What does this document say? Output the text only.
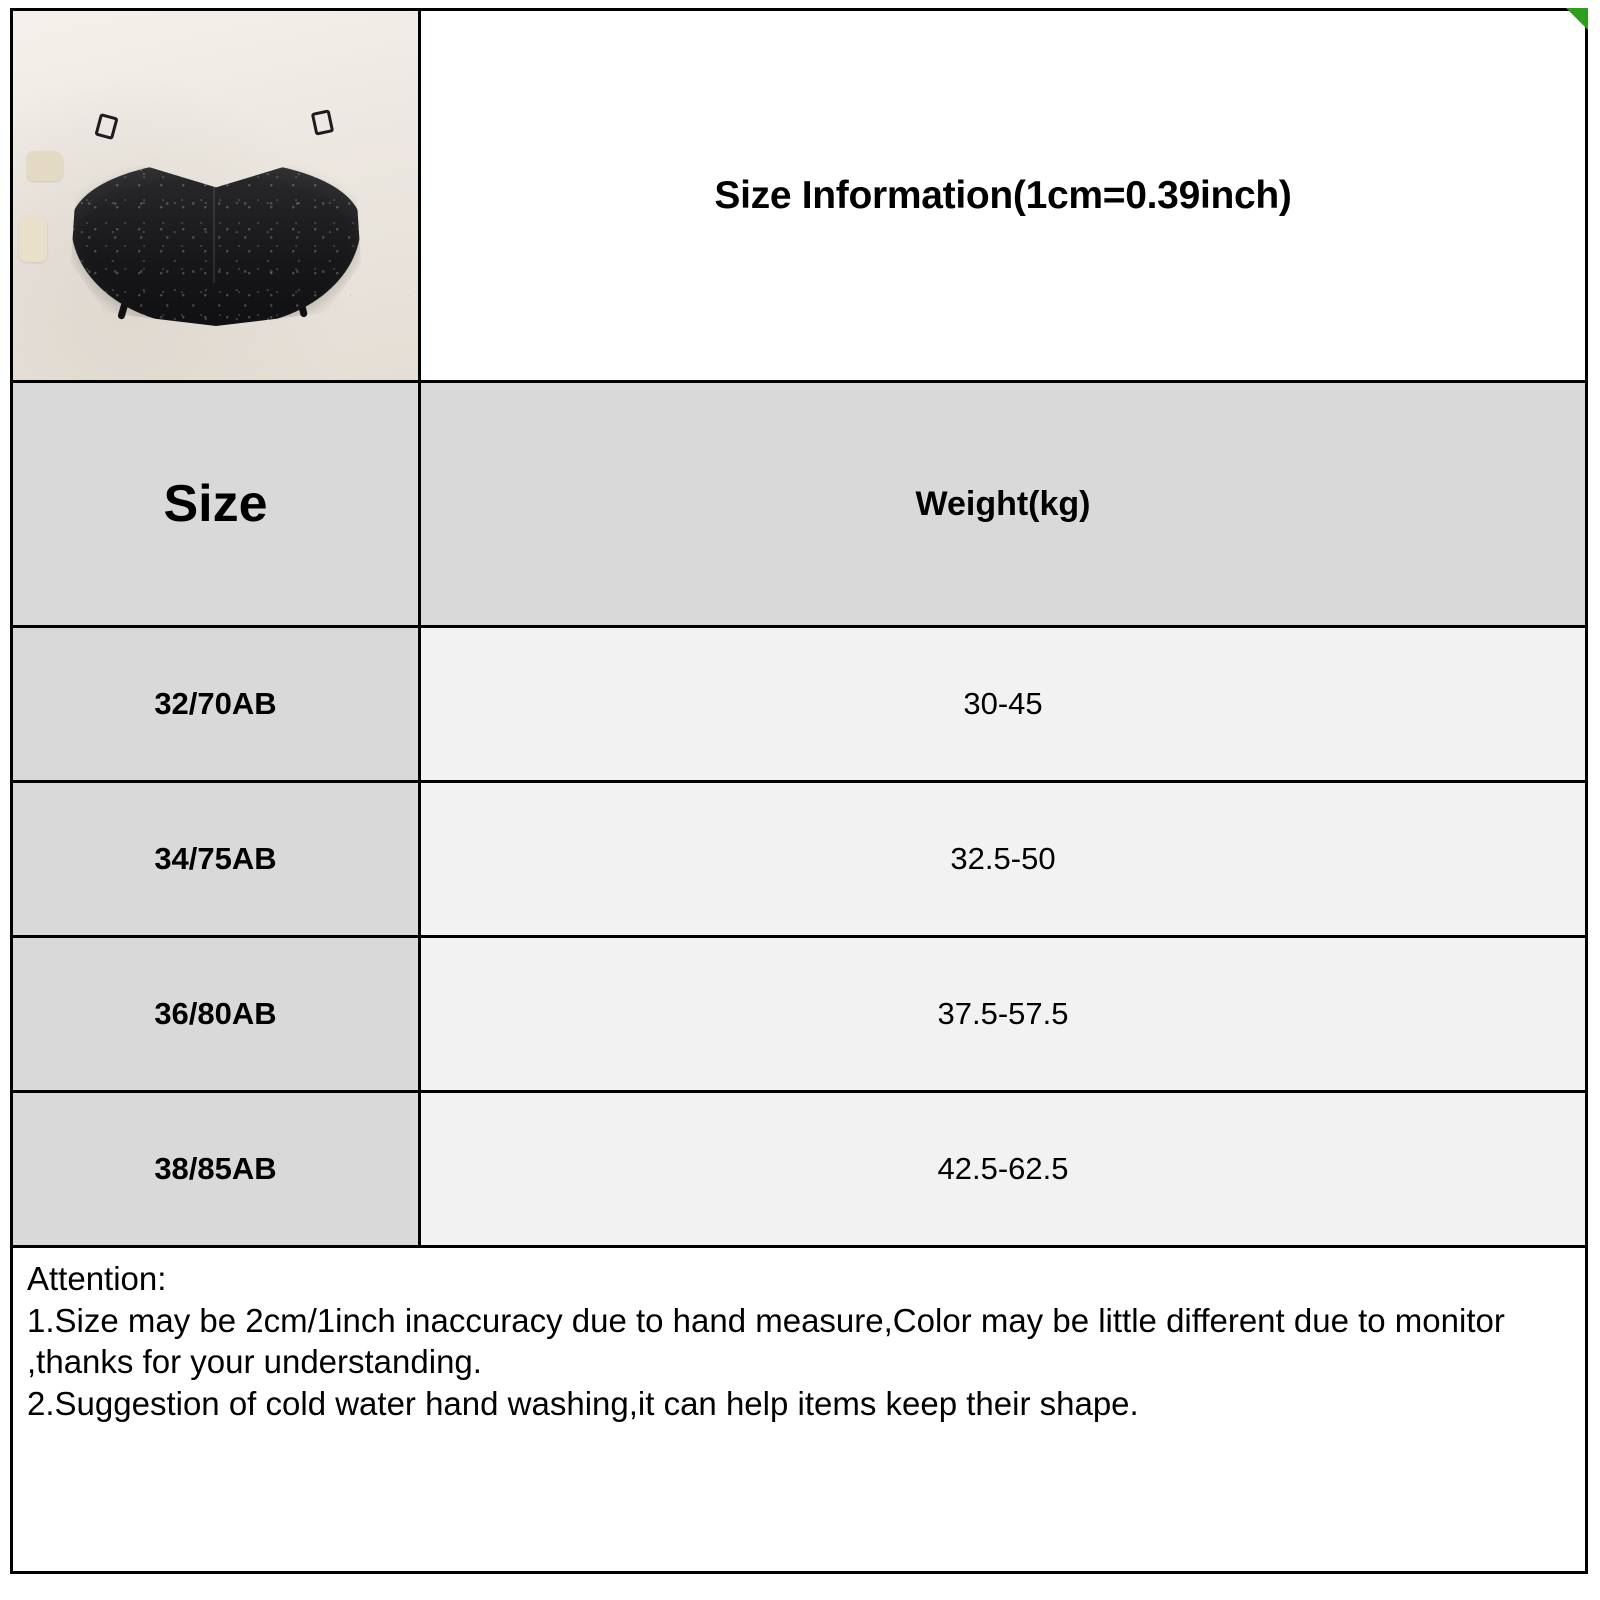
Size Information(1cm=0.39inch)
Size	Weight(kg)
32/70AB	30-45
34/75AB	32.5-50
36/80AB	37.5-57.5
38/85AB	42.5-62.5
Attention:
1.Size may be 2cm/1inch inaccuracy due to hand measure,Color may be little different due to monitor ,thanks for your understanding.
2.Suggestion of cold water hand washing,it can help items keep their shape.
